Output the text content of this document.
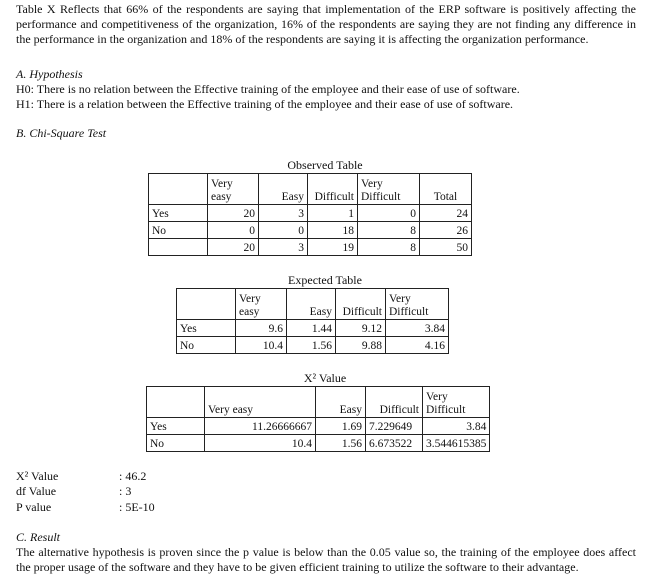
Table X Reflects that 66% of the respondents are saying that implementation of the ERP software is positively affecting the performance and competitiveness of the organization, 16% of the respondents are saying they are not finding any difference in the performance in the organization and 18% of the respondents are saying it is affecting the organization performance.
A. Hypothesis
H0: There is no relation between the Effective training of the employee and their ease of use of software.
H1: There is a relation between the Effective training of the employee and their ease of use of software.
B. Chi-Square Test
Observed Table
	Very easy	Easy	Difficult	Very Difficult	Total
Yes	20	3	1	0	24
No	0	0	18	8	26
	20	3	19	8	50
Expected Table
	Very easy	Easy	Difficult	Very Difficult
Yes	9.6	1.44	9.12	3.84
No	10.4	1.56	9.88	4.16
X² Value
	Very easy	Easy	Difficult	Very Difficult
Yes	11.26666667	1.69	7.229649	3.84
No	10.4	1.56	6.673522	3.544615385
X² Value	: 46.2
df Value	: 3
P value	: 5E-10
C. Result
The alternative hypothesis is proven since the p value is below than the 0.05 value so, the training of the employee does affect the proper usage of the software and they have to be given efficient training to utilize the software to their advantage.
